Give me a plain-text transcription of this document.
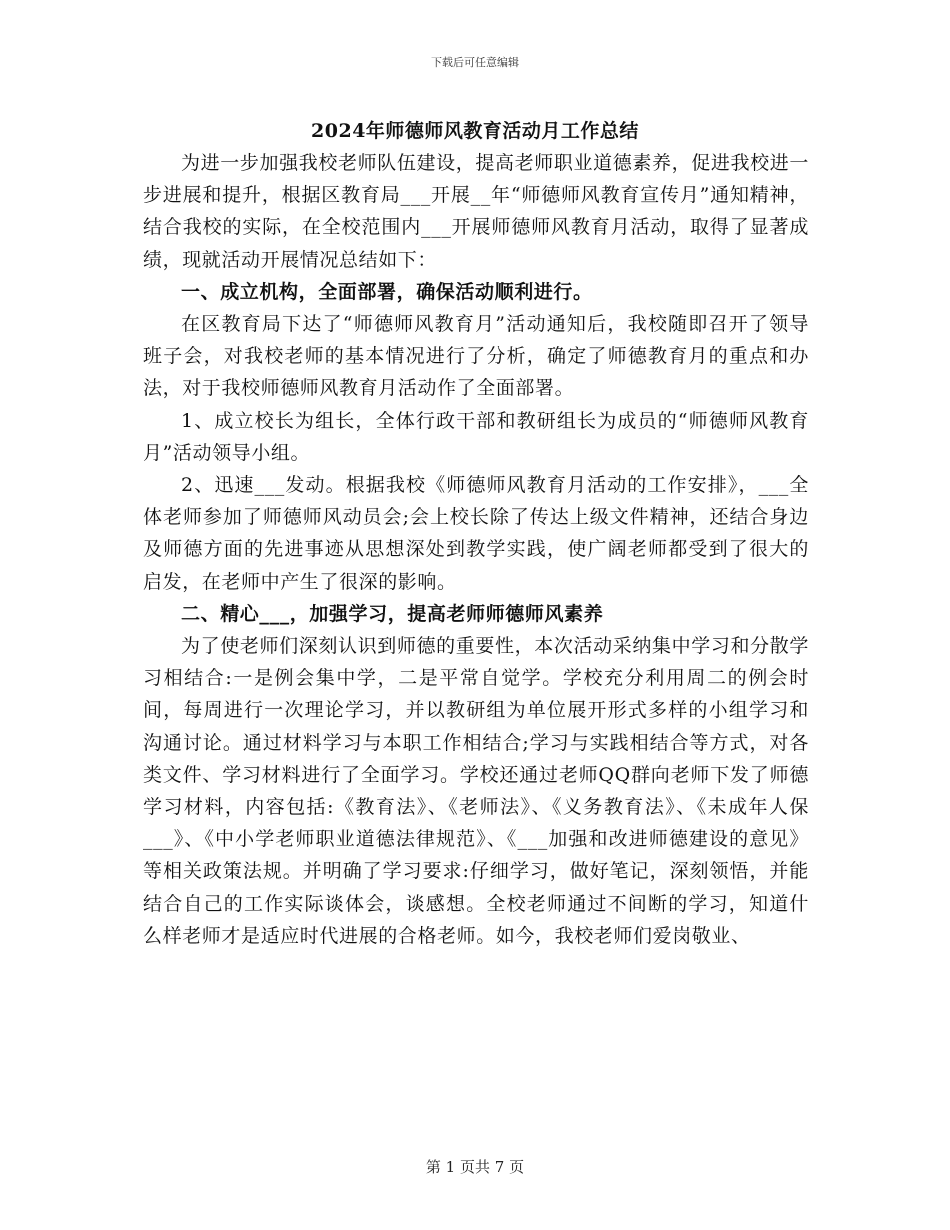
下载后可任意编辑
2024年师德师风教育活动月工作总结

为进一步加强我校老师队伍建设，提高老师职业道德素养，促进我校进一步进展和提升，根据区教育局___开展__年“师德师风教育宣传月”通知精神，结合我校的实际，在全校范围内___开展师德师风教育月活动，取得了显著成绩，现就活动开展情况总结如下：

一、成立机构，全面部署，确保活动顺利进行。

在区教育局下达了“师德师风教育月”活动通知后，我校随即召开了领导班子会，对我校老师的基本情况进行了分析，确定了师德教育月的重点和办法，对于我校师德师风教育月活动作了全面部署。

1、成立校长为组长，全体行政干部和教研组长为成员的“师德师风教育月”活动领导小组。

2、迅速___发动。根据我校《师德师风教育月活动的工作安排》，___全体老师参加了师德师风动员会;会上校长除了传达上级文件精神，还结合身边及师德方面的先进事迹从思想深处到教学实践，使广阔老师都受到了很大的启发，在老师中产生了很深的影响。

二、精心___，加强学习，提高老师师德师风素养

为了使老师们深刻认识到师德的重要性，本次活动采纳集中学习和分散学习相结合:一是例会集中学，二是平常自觉学。学校充分利用周二的例会时间，每周进行一次理论学习，并以教研组为单位展开形式多样的小组学习和沟通讨论。通过材料学习与本职工作相结合;学习与实践相结合等方式，对各类文件、学习材料进行了全面学习。学校还通过老师QQ群向老师下发了师德学习材料，内容包括:《教育法》、《老师法》、《义务教育法》、《未成年人保___》、《中小学老师职业道德法律规范》、《___加强和改进师德建设的意见》等相关政策法规。并明确了学习要求:仔细学习，做好笔记，深刻领悟，并能结合自己的工作实际谈体会，谈感想。全校老师通过不间断的学习，知道什么样老师才是适应时代进展的合格老师。如今，我校老师们爱岗敬业、

第 1 页共 7 页
